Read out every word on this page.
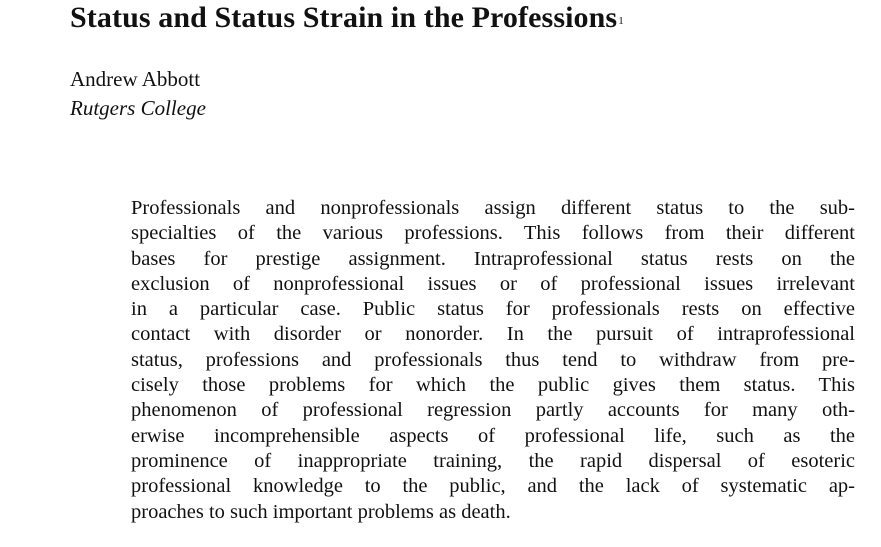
Status and Status Strain in the Professions$^1$
Andrew Abbott
Rutgers College
Professionals and nonprofessionals assign different status to the sub-
specialties of the various professions. This follows from their different
bases for prestige assignment. Intraprofessional status rests on the
exclusion of nonprofessional issues or of professional issues irrelevant
in a particular case. Public status for professionals rests on effective
contact with disorder or nonorder. In the pursuit of intraprofessional
status, professions and professionals thus tend to withdraw from pre-
cisely those problems for which the public gives them status. This
phenomenon of professional regression partly accounts for many oth-
erwise incomprehensible aspects of professional life, such as the
prominence of inappropriate training, the rapid dispersal of esoteric
professional knowledge to the public, and the lack of systematic ap-
proaches to such important problems as death.
